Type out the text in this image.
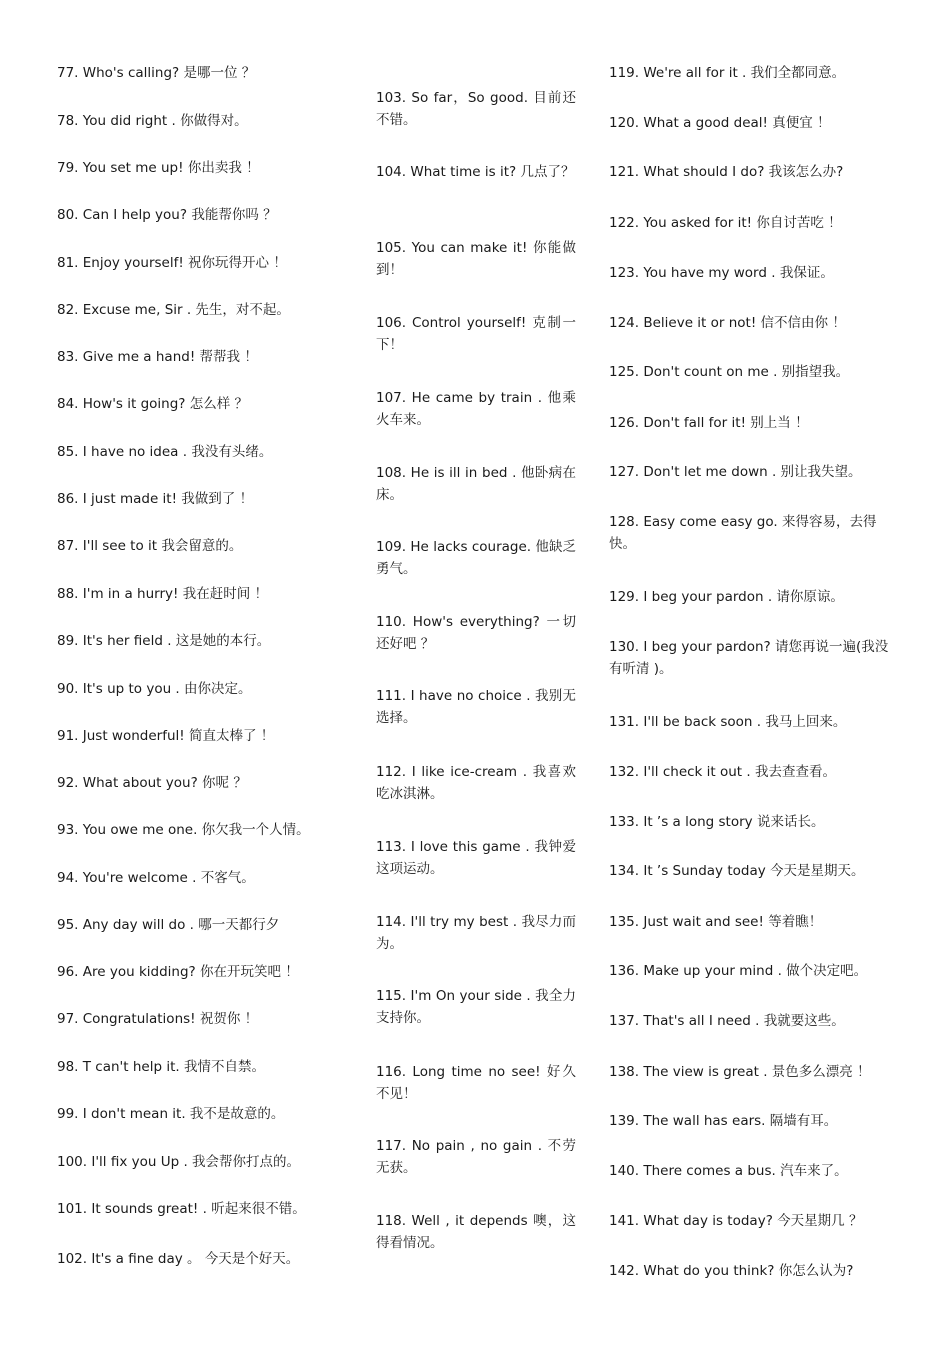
77. Who's calling? 是哪一位 ？
78. You did right . 你做得对。
79. You set me up! 你出卖我 ！
80. Can I help you? 我能帮你吗 ？
81. Enjoy yourself! 祝你玩得开心 ！
82. Excuse me, Sir . 先生，对不起。
83. Give me a hand! 帮帮我 ！
84. How's it going? 怎么样 ？
85. I have no idea . 我没有头绪。
86. I just made it! 我做到了 ！
87. I'll see to it 我会留意的。
88. I'm in a hurry! 我在赶时间 ！
89. It's her field . 这是她的本行。
90. It's up to you . 由你决定。
91. Just wonderful! 简直太棒了 ！
92. What about you? 你呢 ？
93. You owe me one. 你欠我一个人情。
94. You're welcome . 不客气。
95. Any day will do . 哪一天都行夕
96. Are you kidding? 你在开玩笑吧 ！
97. Congratulations! 祝贺你 ！
98. T can't help it. 我情不自禁。
99. I don't mean it. 我不是故意的。
100. I'll fix you Up . 我会帮你打点的。
101. It sounds great! . 听起来很不错。
102. It's a fine day 。 今天是个好天。
103. So far，So good. 目前还不错。
104. What time is it? 几点了？
105. You can make it! 你能做到！
106. Control yourself! 克制一下！
107. He came by train . 他乘火车来。
108. He is ill in bed . 他卧病在床。
109. He lacks courage. 他缺乏勇气。
110. How's everything? 一切还好吧 ？
111. I have no choice . 我别无选择。
112. I like ice-cream . 我喜欢吃冰淇淋。
113. I love this game . 我钟爱这项运动。
114. I'll try my best . 我尽力而为。
115. I'm On your side . 我全力支持你。
116. Long time no see! 好久不见！
117. No pain , no gain . 不劳无获。
118. Well , it depends 噢，这得看情况。
119. We're all for it . 我们全都同意。
120. What a good deal! 真便宜 ！
121. What should I do? 我该怎么办?
122. You asked for it! 你自讨苦吃 ！
123. You have my word . 我保证。
124. Believe it or not! 信不信由你 ！
125. Don't count on me . 别指望我。
126. Don't fall for it! 别上当 ！
127. Don't let me down . 别让我失望。
128. Easy come easy go. 来得容易，去得快。
129. I beg your pardon . 请你原谅。
130. I beg your pardon? 请您再说一遍(我没有听清 )。
131. I'll be back soon . 我马上回来。
132. I'll check it out . 我去查查看。
133. It ’s a long story 说来话长。
134. It ’s Sunday today 今天是星期天。
135. Just wait and see! 等着瞧！
136. Make up your mind . 做个决定吧。
137. That's all I need . 我就要这些。
138. The view is great . 景色多么漂亮 ！
139. The wall has ears. 隔墙有耳。
140. There comes a bus. 汽车来了。
141. What day is today? 今天星期几 ？
142. What do you think? 你怎么认为?
